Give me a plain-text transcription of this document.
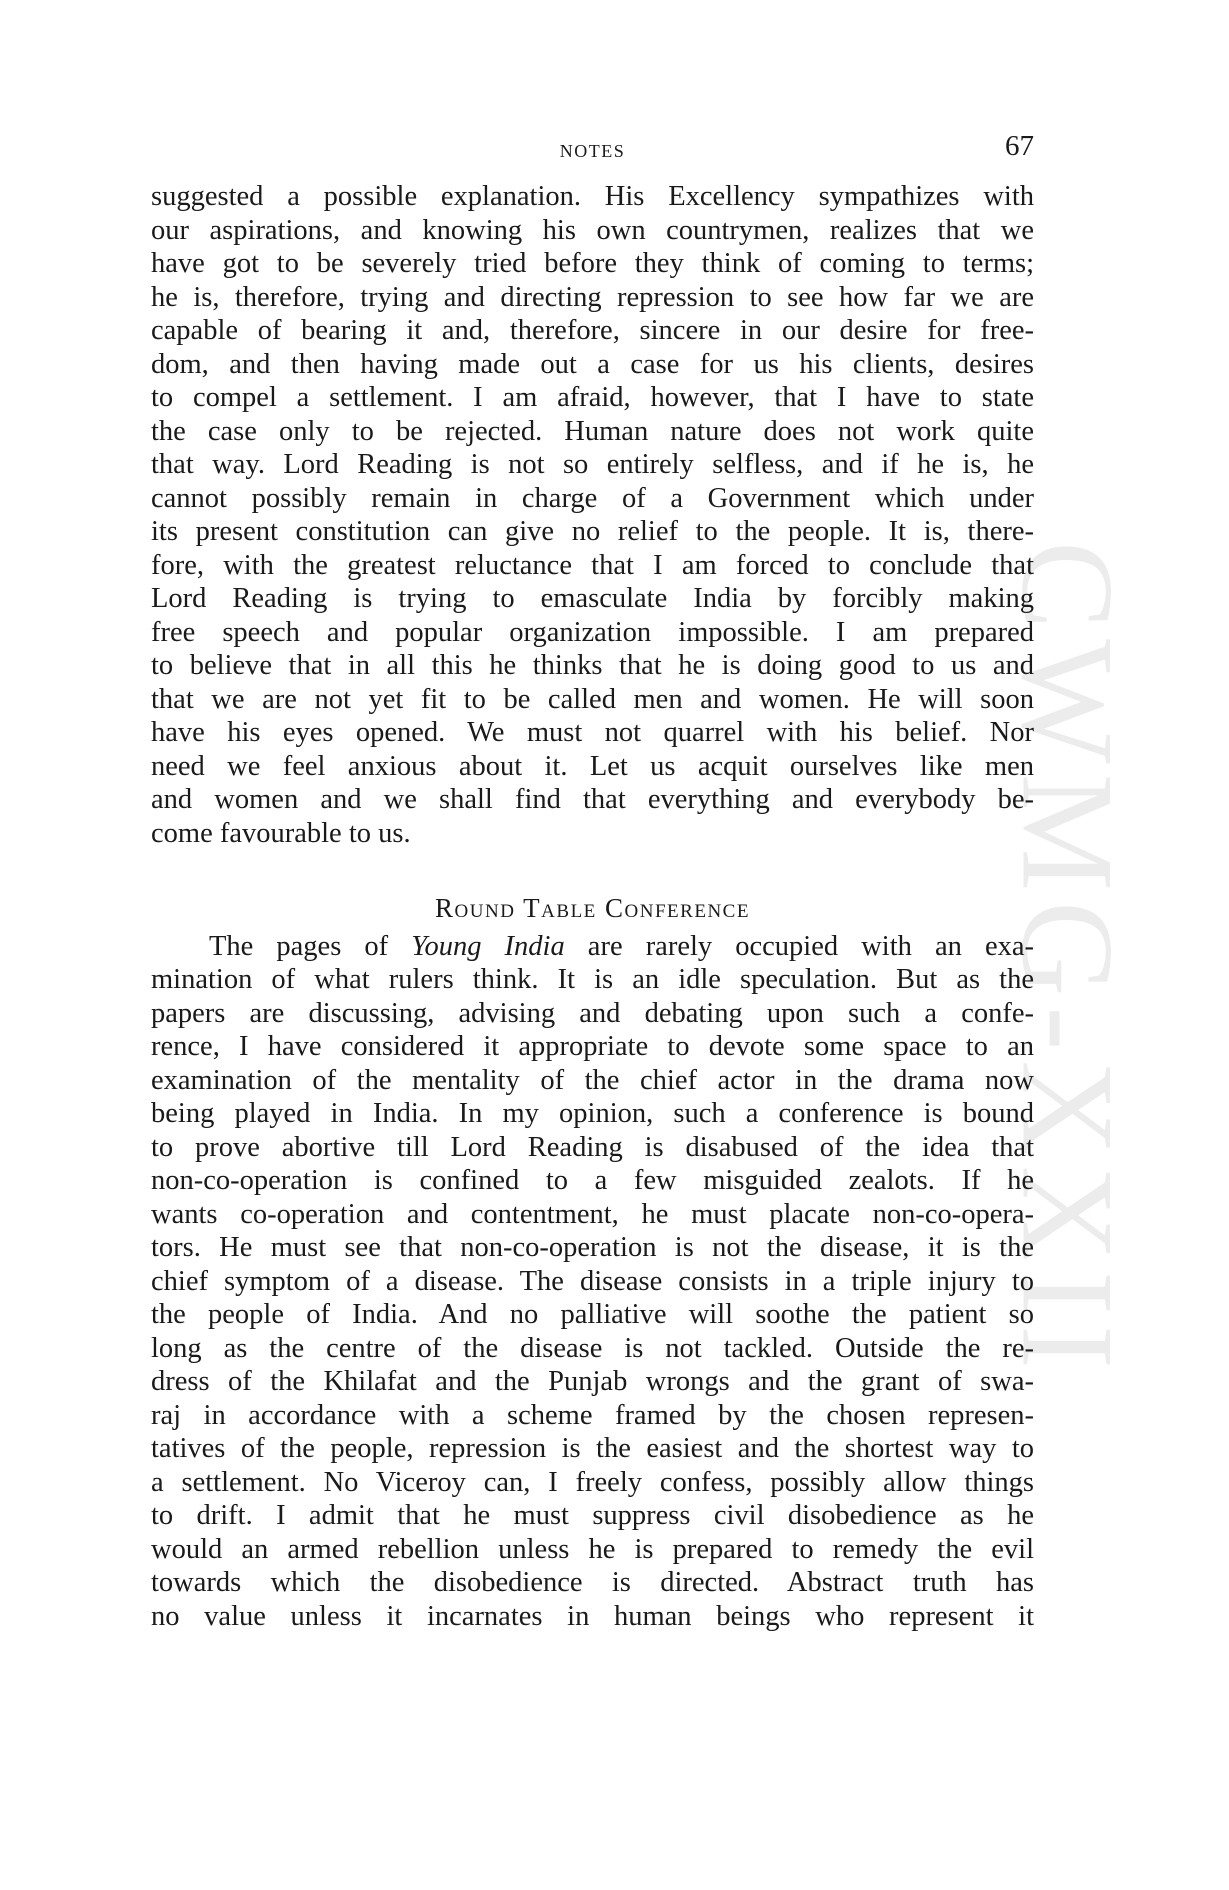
CWMG-XXII
NOTES	67
suggested a possible explanation. His Excellency sympathizes with
our aspirations, and knowing his own countrymen, realizes that we
have got to be severely tried before they think of coming to terms;
he is, therefore, trying and directing repression to see how far we are
capable of bearing it and, therefore, sincere in our desire for free-
dom, and then having made out a case for us his clients, desires
to compel a settlement. I am afraid, however, that I have to state
the case only to be rejected. Human nature does not work quite
that way. Lord Reading is not so entirely selfless, and if he is, he
cannot possibly remain in charge of a Government which under
its present constitution can give no relief to the people. It is, there-
fore, with the greatest reluctance that I am forced to conclude that
Lord Reading is trying to emasculate India by forcibly making
free speech and popular organization impossible. I am prepared
to believe that in all this he thinks that he is doing good to us and
that we are not yet fit to be called men and women. He will soon
have his eyes opened. We must not quarrel with his belief. Nor
need we feel anxious about it. Let us acquit ourselves like men
and women and we shall find that everything and everybody be-
come favourable to us.
Round Table Conference
The pages of Young India are rarely occupied with an exa-
mination of what rulers think. It is an idle speculation. But as the
papers are discussing, advising and debating upon such a confe-
rence, I have considered it appropriate to devote some space to an
examination of the mentality of the chief actor in the drama now
being played in India. In my opinion, such a conference is bound
to prove abortive till Lord Reading is disabused of the idea that
non-co-operation is confined to a few misguided zealots. If he
wants co-operation and contentment, he must placate non-co-opera-
tors. He must see that non-co-operation is not the disease, it is the
chief symptom of a disease. The disease consists in a triple injury to
the people of India. And no palliative will soothe the patient so
long as the centre of the disease is not tackled. Outside the re-
dress of the Khilafat and the Punjab wrongs and the grant of swa-
raj in accordance with a scheme framed by the chosen represen-
tatives of the people, repression is the easiest and the shortest way to
a settlement. No Viceroy can, I freely confess, possibly allow things
to drift. I admit that he must suppress civil disobedience as he
would an armed rebellion unless he is prepared to remedy the evil
towards which the disobedience is directed. Abstract truth has
no value unless it incarnates in human beings who represent it
